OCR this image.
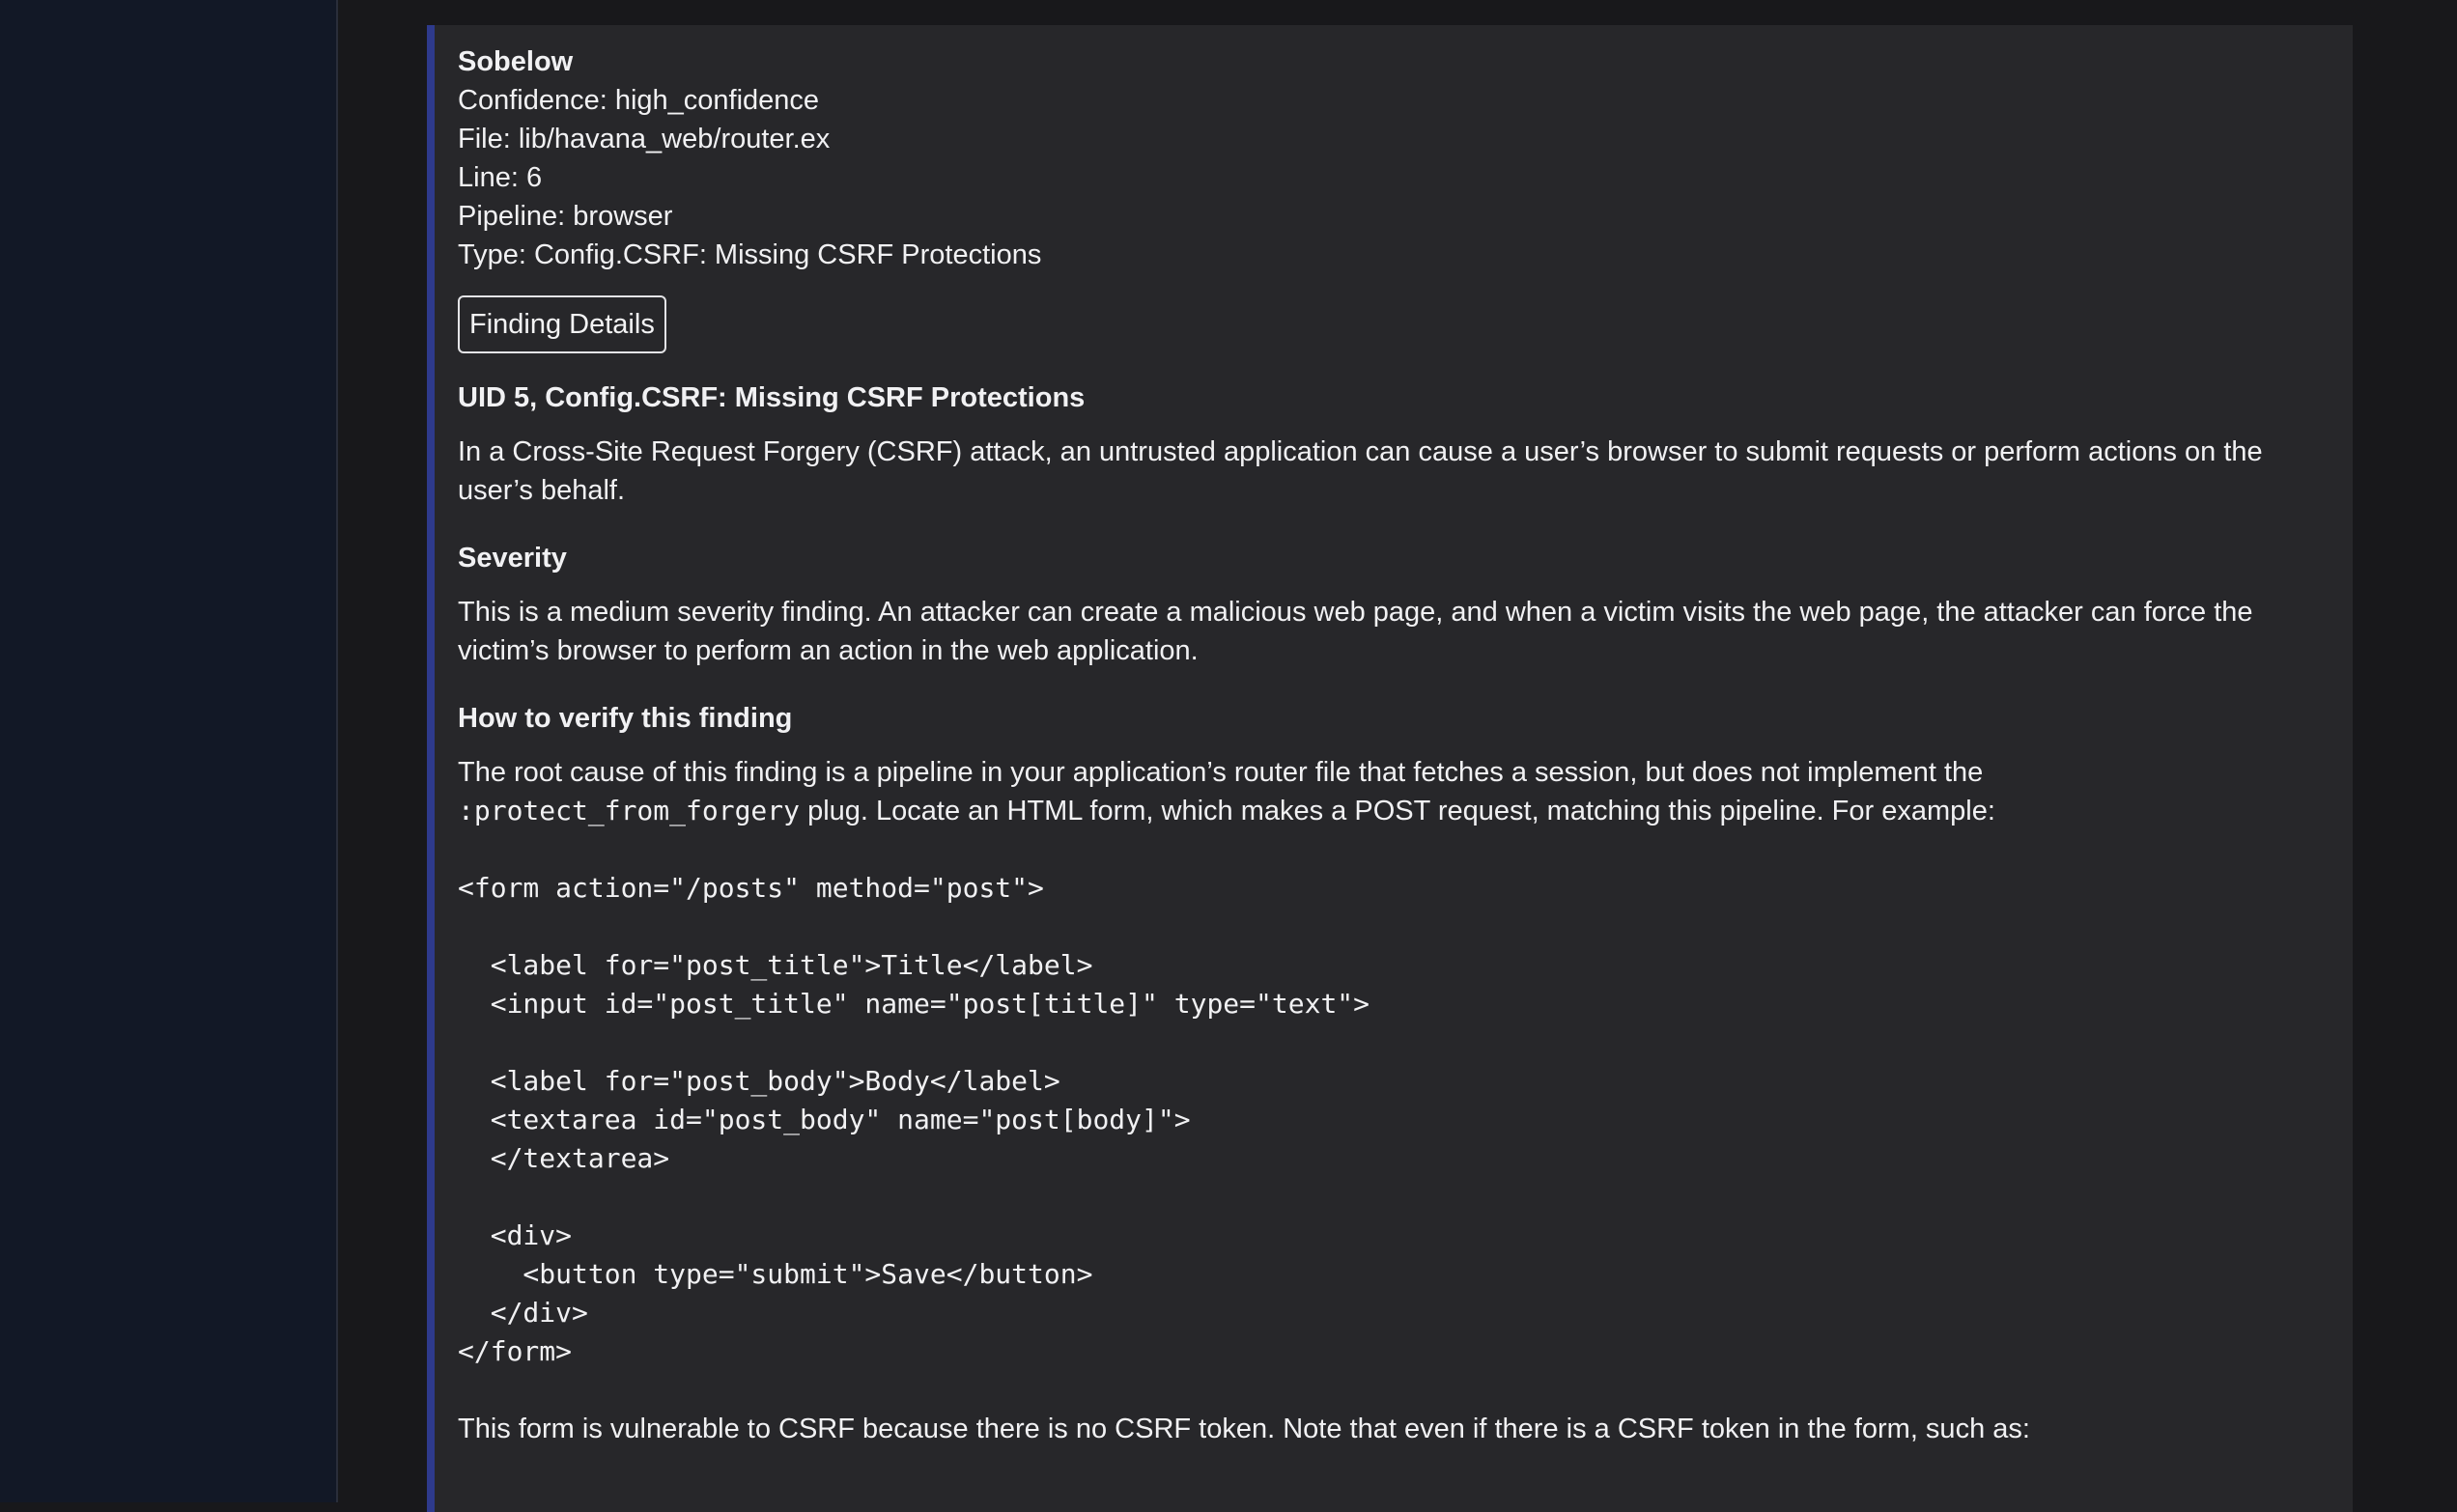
Sobelow
Confidence: high_confidence
File: lib/havana_web/router.ex
Line: 6
Pipeline: browser
Type: Config.CSRF: Missing CSRF Protections
Finding Details
UID 5, Config.CSRF: Missing CSRF Protections
In a Cross-Site Request Forgery (CSRF) attack, an untrusted application can cause a user’s browser to submit requests or perform actions on the user’s behalf.
Severity
This is a medium severity finding. An attacker can create a malicious web page, and when a victim visits the web page, the attacker can force the victim’s browser to perform an action in the web application.
How to verify this finding
The root cause of this finding is a pipeline in your application’s router file that fetches a session, but does not implement the :protect_from_forgery plug. Locate an HTML form, which makes a POST request, matching this pipeline. For example:
<form action="/posts" method="post">

<label for="post_title">Title</label>
<input id="post_title" name="post[title]" type="text">

<label for="post_body">Body</label>
<textarea id="post_body" name="post[body]">
</textarea>

<div>
<button type="submit">Save</button>
</div>
</form>
This form is vulnerable to CSRF because there is no CSRF token. Note that even if there is a CSRF token in the form, such as:
